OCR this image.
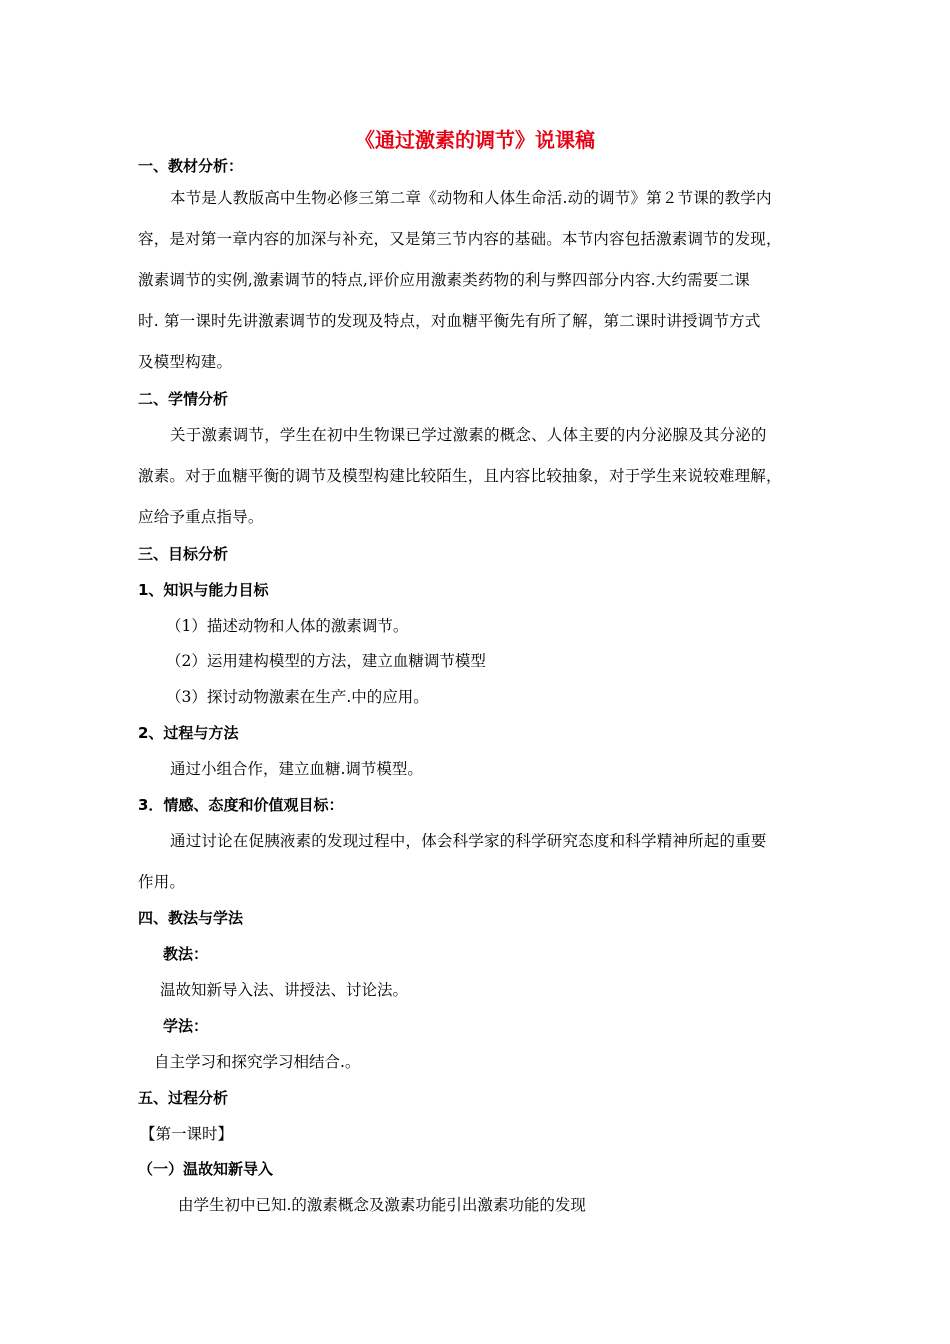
《通过激素的调节》说课稿
一、教材分析：
本节是人教版高中生物必修三第二章《动物和人体生命活.动的调节》第２节课的教学内
容，是对第一章内容的加深与补充，又是第三节内容的基础。本节内容包括激素调节的发现，
激素调节的实例,激素调节的特点,评价应用激素类药物的利与弊四部分内容.大约需要二课
时. 第一课时先讲激素调节的发现及特点，对血糖平衡先有所了解，第二课时讲授调节方式
及模型构建。
二、学情分析
关于激素调节，学生在初中生物课已学过激素的概念、人体主要的内分泌腺及其分泌的
激素。对于血糖平衡的调节及模型构建比较陌生，且内容比较抽象，对于学生来说较难理解，
应给予重点指导。
三、目标分析
1、知识与能力目标
（1）描述动物和人体的激素调节。
（2）运用建构模型的方法，建立血糖调节模型
（3）探讨动物激素在生产.中的应用。
2、过程与方法
通过小组合作，建立血糖.调节模型。
3．情感、态度和价值观目标：
通过讨论在促胰液素的发现过程中，体会科学家的科学研究态度和科学精神所起的重要
作用。
四、教法与学法
教法：
温故知新导入法、讲授法、讨论法。
学法：
自主学习和探究学习相结合.。
五、过程分析
【第一课时】
（一）温故知新导入
由学生初中已知.的激素概念及激素功能引出激素功能的发现
